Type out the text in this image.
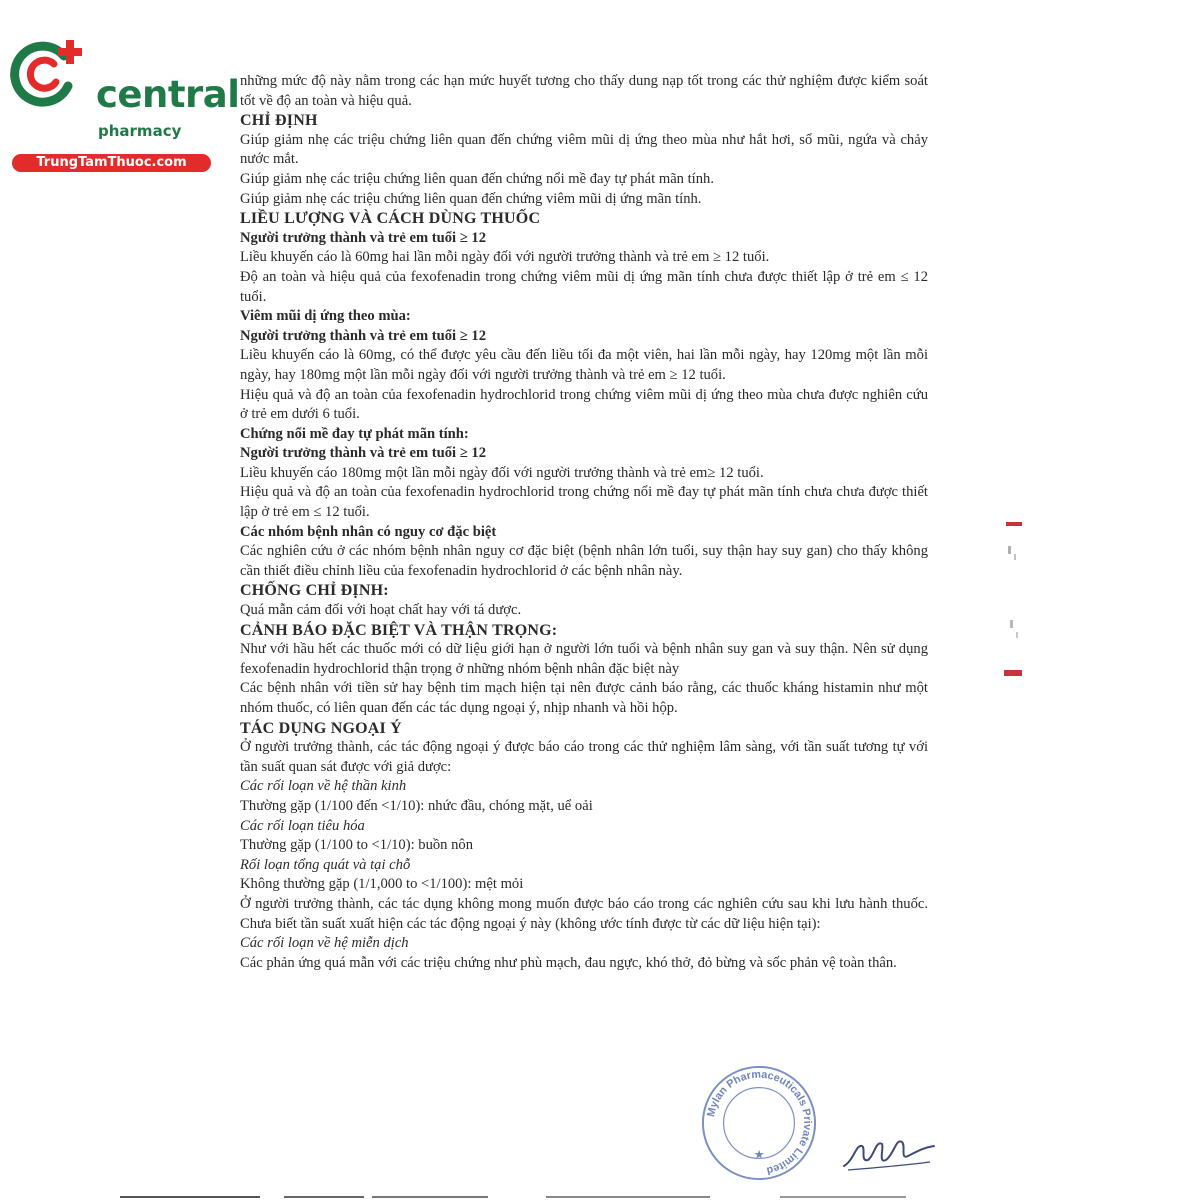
central
pharmacy
TrungTamThuoc.com

những mức độ này nằm trong các hạn mức huyết tương cho thấy dung nạp tốt trong các thử nghiệm được kiểm soát tốt về độ an toàn và hiệu quả.

CHỈ ĐỊNH

Giúp giảm nhẹ các triệu chứng liên quan đến chứng viêm mũi dị ứng theo mùa như hắt hơi, sổ mũi, ngứa và chảy nước mắt.

Giúp giảm nhẹ các triệu chứng liên quan đến chứng nổi mề đay tự phát mãn tính.

Giúp giảm nhẹ các triệu chứng liên quan đến chứng viêm mũi dị ứng mãn tính.

LIỀU LƯỢNG VÀ CÁCH DÙNG THUỐC

Người trưởng thành và trẻ em tuổi ≥ 12

Liều khuyến cáo là 60mg hai lần mỗi ngày đối với người trưởng thành và trẻ em ≥ 12 tuổi.

Độ an toàn và hiệu quả của fexofenadin trong chứng viêm mũi dị ứng mãn tính chưa được thiết lập ở trẻ em ≤ 12 tuổi.

Viêm mũi dị ứng theo mùa:

Người trưởng thành và trẻ em tuổi ≥ 12

Liều khuyến cáo là 60mg, có thể được yêu cầu đến liều tối đa một viên, hai lần mỗi ngày, hay 120mg một lần mỗi ngày, hay 180mg một lần mỗi ngày đối với người trưởng thành và trẻ em ≥ 12 tuổi.

Hiệu quả và độ an toàn của fexofenadin hydrochlorid trong chứng viêm mũi dị ứng theo mùa chưa được nghiên cứu ở trẻ em dưới 6 tuổi.

Chứng nổi mề đay tự phát mãn tính:

Người trưởng thành và trẻ em tuổi ≥ 12

Liều khuyến cáo 180mg một lần mỗi ngày đối với người trưởng thành và trẻ em≥ 12 tuổi.

Hiệu quả và độ an toàn của fexofenadin hydrochlorid trong chứng nổi mề đay tự phát mãn tính chưa chưa được thiết lập ở trẻ em ≤ 12 tuổi.

Các nhóm bệnh nhân có nguy cơ đặc biệt

Các nghiên cứu ở các nhóm bệnh nhân nguy cơ đặc biệt (bệnh nhân lớn tuổi, suy thận hay suy gan) cho thấy không cần thiết điều chỉnh liều của fexofenadin hydrochlorid ở các bệnh nhân này.

CHỐNG CHỈ ĐỊNH:

Quá mẫn cảm đối với hoạt chất hay với tá dược.

CẢNH BÁO ĐẶC BIỆT VÀ THẬN TRỌNG:

Như với hầu hết các thuốc mới có dữ liệu giới hạn ở người lớn tuổi và bệnh nhân suy gan và suy thận. Nên sử dụng fexofenadin hydrochlorid thận trọng ở những nhóm bệnh nhân đặc biệt này

Các bệnh nhân với tiền sử hay bệnh tim mạch hiện tại nên được cảnh báo rằng, các thuốc kháng histamin như một nhóm thuốc, có liên quan đến các tác dụng ngoại ý, nhịp nhanh và hồi hộp.

TÁC DỤNG NGOẠI Ý

Ở người trưởng thành, các tác động ngoại ý được báo cáo trong các thử nghiệm lâm sàng, với tần suất tương tự với tần suất quan sát được với giả dược:

Các rối loạn về hệ thần kinh

Thường gặp (1/100 đến <1/10): nhức đầu, chóng mặt, uể oải

Các rối loạn tiêu hóa

Thường gặp (1/100 to <1/10): buồn nôn

Rối loạn tổng quát và tại chỗ

Không thường gặp (1/1,000 to <1/100): mệt mỏi

Ở người trưởng thành, các tác dụng không mong muốn được báo cáo trong các nghiên cứu sau khi lưu hành thuốc. Chưa biết tần suất xuất hiện các tác động ngoại ý này (không ước tính được từ các dữ liệu hiện tại):

Các rối loạn về hệ miễn dịch

Các phản ứng quá mẫn với các triệu chứng như phù mạch, đau ngực, khó thở, đỏ bừng và sốc phản vệ toàn thân.

Mylan Pharmaceuticals Private Limited
★
